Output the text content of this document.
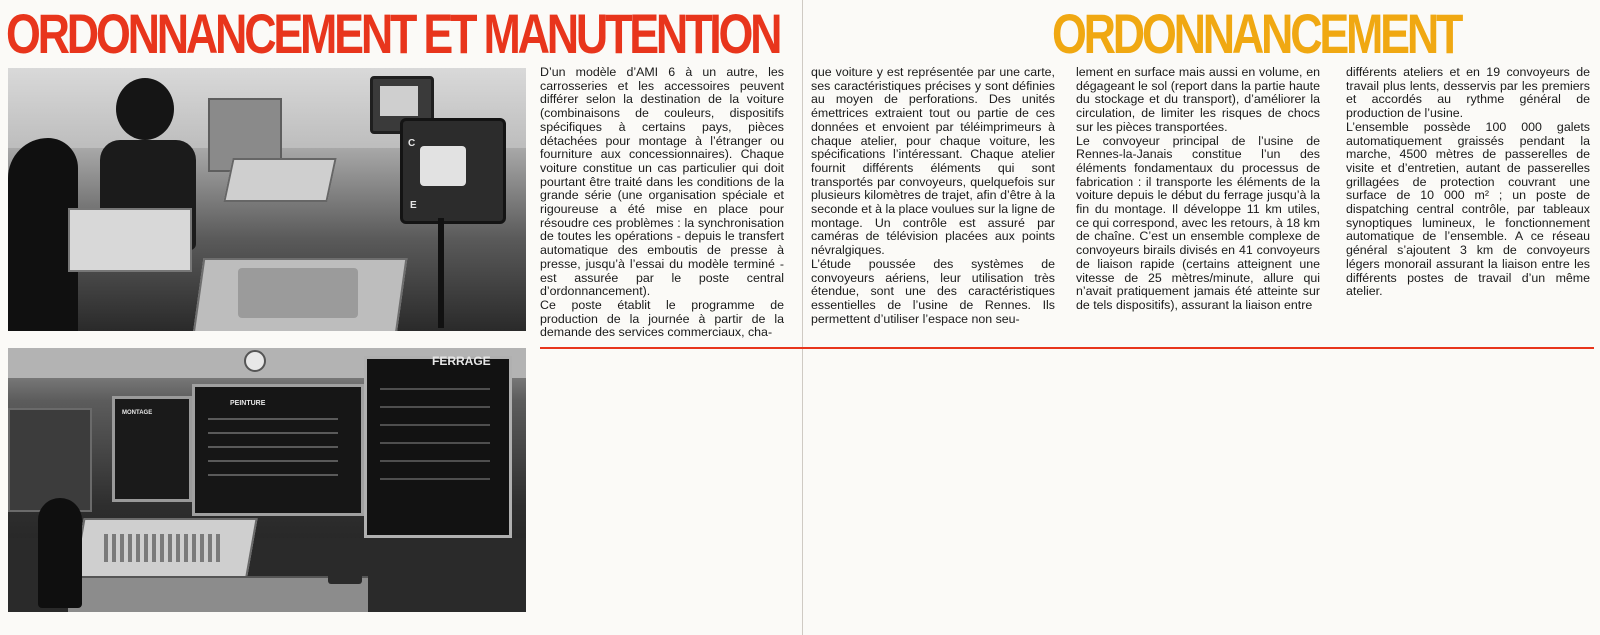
ORDONNANCEMENT ET MANUTENTION	ORDONNANCEMENT
C
E
FERRAGE
PEINTURE
MONTAGE

D’un modèle d’AMI 6 à un autre, les carrosseries et les accessoires peuvent différer selon la destination de la voiture (combinaisons de couleurs, dispositifs spécifiques à certains pays, pièces détachées pour montage à l’étranger ou fourniture aux concessionnaires). Chaque voiture constitue un cas particulier qui doit pourtant être traité dans les conditions de la grande série (une organisation spéciale et rigoureuse a été mise en place pour résoudre ces problèmes : la synchronisation de toutes les opérations - depuis le transfert automatique des emboutis de presse à presse, jusqu’à l’essai du modèle terminé - est assurée par le poste central d’ordonnancement).

Ce poste établit le programme de production de la journée à partir de la demande des services commerciaux, cha-

que voiture y est représentée par une carte, ses caractéristiques précises y sont définies au moyen de perforations. Des unités émettrices extraient tout ou partie de ces données et envoient par téléimprimeurs à chaque atelier, pour chaque voiture, les spécifications l’intéressant. Chaque atelier fournit différents éléments qui sont transportés par convoyeurs, quelquefois sur plusieurs kilomètres de trajet, afin d’être à la seconde et à la place voulues sur la ligne de montage. Un contrôle est assuré par caméras de télévision placées aux points névralgiques.

L’étude poussée des systèmes de convoyeurs aériens, leur utilisation très étendue, sont une des caractéristiques essentielles de l’usine de Rennes. Ils permettent d’utiliser l’espace non seu-

lement en surface mais aussi en volume, en dégageant le sol (report dans la partie haute du stockage et du transport), d’améliorer la circulation, de limiter les risques de chocs sur les pièces transportées.

Le convoyeur principal de l’usine de Rennes-la-Janais constitue l’un des éléments fondamentaux du processus de fabrication : il transporte les éléments de la voiture depuis le début du ferrage jusqu’à la fin du montage. Il développe 11 km utiles, ce qui correspond, avec les retours, à 18 km de chaîne. C’est un ensemble complexe de convoyeurs birails divisés en 41 convoyeurs de liaison rapide (certains atteignent une vitesse de 25 mètres/minute, allure qui n’avait pratiquement jamais été atteinte sur de tels dispositifs), assurant la liaison entre

différents ateliers et en 19 convoyeurs de travail plus lents, desservis par les premiers et accordés au rythme général de production de l’usine.

L’ensemble possède 100 000 galets automatiquement graissés pendant la marche, 4500 mètres de passerelles de visite et d’entretien, autant de passerelles grillagées de protection couvrant une surface de 10 000 m² ; un poste de dispatching central contrôle, par tableaux synoptiques lumineux, le fonctionnement automatique de l’ensemble. A ce réseau général s’ajoutent 3 km de convoyeurs légers monorail assurant la liaison entre les différents postes de travail d’un même atelier.
